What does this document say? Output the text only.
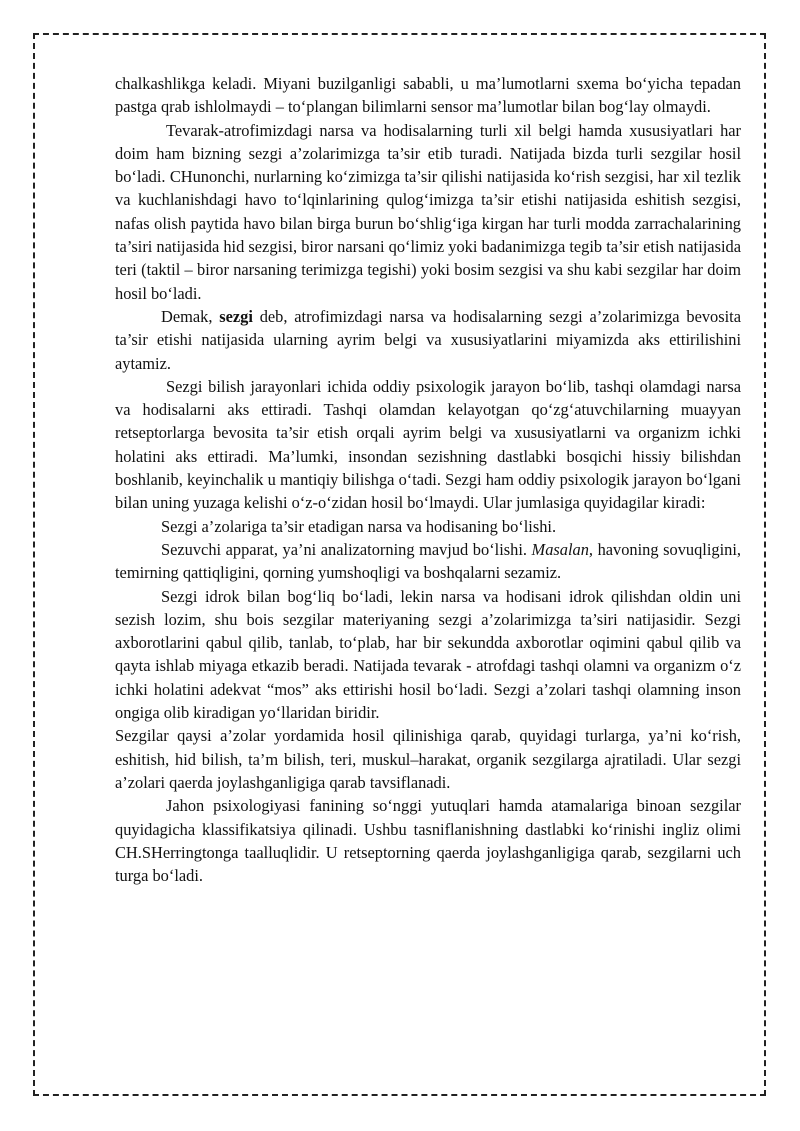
chalkashlikga keladi. Miyani buzilganligi sababli, u ma’lumotlarni sxema bo‘yicha tepadan pastga qrab ishlolmaydi – to‘plangan bilimlarni sensor ma’lumotlar bilan bog‘lay olmaydi.

Tevarak-atrofimizdagi narsa va hodisalarning turli xil belgi hamda xususiyatlari har doim ham bizning sezgi a’zolarimizga ta’sir etib turadi. Natijada bizda turli sezgilar hosil bo‘ladi. CHunonchi, nurlarning ko‘zimizga ta’sir qilishi natijasida ko‘rish sezgisi, har xil tezlik va kuchlanishdagi havo to‘lqinlarining qulog‘imizga ta’sir etishi natijasida eshitish sezgisi, nafas olish paytida havo bilan birga burun bo‘shlig‘iga kirgan har turli modda zarrachalarining ta’siri natijasida hid sezgisi, biror narsani qo‘limiz yoki badanimizga tegib ta’sir etish natijasida teri (taktil – biror narsaning terimizga tegishi) yoki bosim sezgisi va shu kabi sezgilar har doim hosil bo‘ladi.

Demak, sezgi deb, atrofimizdagi narsa va hodisalarning sezgi a’zolarimizga bevosita ta’sir etishi natijasida ularning ayrim belgi va xususiyatlarini miyamizda aks ettirilishini aytamiz.

Sezgi bilish jarayonlari ichida oddiy psixologik jarayon bo‘lib, tashqi olamdagi narsa va hodisalarni aks ettiradi. Tashqi olamdan kelayotgan qo‘zg‘atuvchilarning muayyan retseptorlarga bevosita ta’sir etish orqali ayrim belgi va xususiyatlarni va organizm ichki holatini aks ettiradi. Ma’lumki, insondan sezishning dastlabki bosqichi hissiy bilishdan boshlanib, keyinchalik u mantiqiy bilishga o‘tadi. Sezgi ham oddiy psixologik jarayon bo‘lgani bilan uning yuzaga kelishi o‘z-o‘zidan hosil bo‘lmaydi. Ular jumlasiga quyidagilar kiradi:

Sezgi a’zolariga ta’sir etadigan narsa va hodisaning bo‘lishi.

Sezuvchi apparat, ya’ni analizatorning mavjud bo‘lishi. Masalan, havoning sovuqligini, temirning qattiqligini, qorning yumshoqligi va boshqalarni sezamiz.

Sezgi idrok bilan bog‘liq bo‘ladi, lekin narsa va hodisani idrok qilishdan oldin uni sezish lozim, shu bois sezgilar materiyaning sezgi a’zolarimizga ta’siri natijasidir. Sezgi axborotlarini qabul qilib, tanlab, to‘plab, har bir sekundda axborotlar oqimini qabul qilib va qayta ishlab miyaga etkazib beradi. Natijada tevarak - atrofdagi tashqi olamni va organizm o‘z ichki holatini adekvat “mos” aks ettirishi hosil bo‘ladi. Sezgi a’zolari tashqi olamning inson ongiga olib kiradigan yo‘llaridan biridir.

Sezgilar qaysi a’zolar yordamida hosil qilinishiga qarab, quyidagi turlarga, ya’ni ko‘rish, eshitish, hid bilish, ta’m bilish, teri, muskul–harakat, organik sezgilarga ajratiladi. Ular sezgi a’zolari qaerda joylashganligiga qarab tavsiflanadi.

Jahon psixologiyasi fanining so‘nggi yutuqlari hamda atamalariga binoan sezgilar quyidagicha klassifikatsiya qilinadi. Ushbu tasniflanishning dastlabki ko‘rinishi ingliz olimi CH.SHerringtonga taalluqlidir. U retseptorning qaerda joylashganligiga qarab, sezgilarni uch turga bo‘ladi.
